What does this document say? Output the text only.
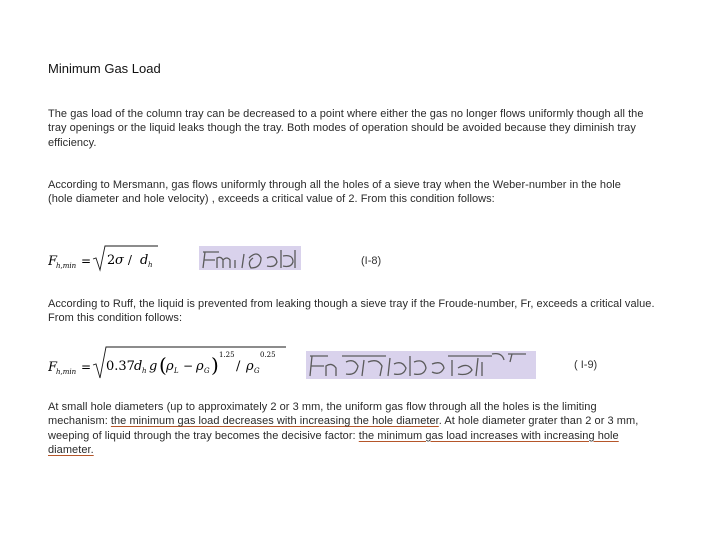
Minimum Gas Load

The gas load of the column tray can be decreased to a point where either the gas no longer flows uniformly though all the tray openings or the liquid leaks though the tray. Both modes of operation should be avoided because they diminish tray efficiency.

According to Mersmann, gas flows uniformly through all the holes of a sieve tray when the Weber-number in the hole (hole diameter and hole velocity) , exceeds a critical value of 2. From this condition follows:

F
h,min = 2 σ / d h	(I-8)

According to Ruff, the liquid is prevented from leaking though a sieve tray if the Froude-number, Fr, exceeds a critical value. From this condition follows:

F
h,min = 0.37 d h g ( ρ L − ρ G ) 1.25
/ ρ G
0.25
( I-9)

At small hole diameters (up to approximately 2 or 3 mm, the uniform gas flow through all the holes is the limiting mechanism: the minimum gas load decreases with increasing the hole diameter. At hole diameter grater than 2 or 3 mm, weeping of liquid through the tray becomes the decisive factor: the minimum gas load increases with increasing hole diameter.
